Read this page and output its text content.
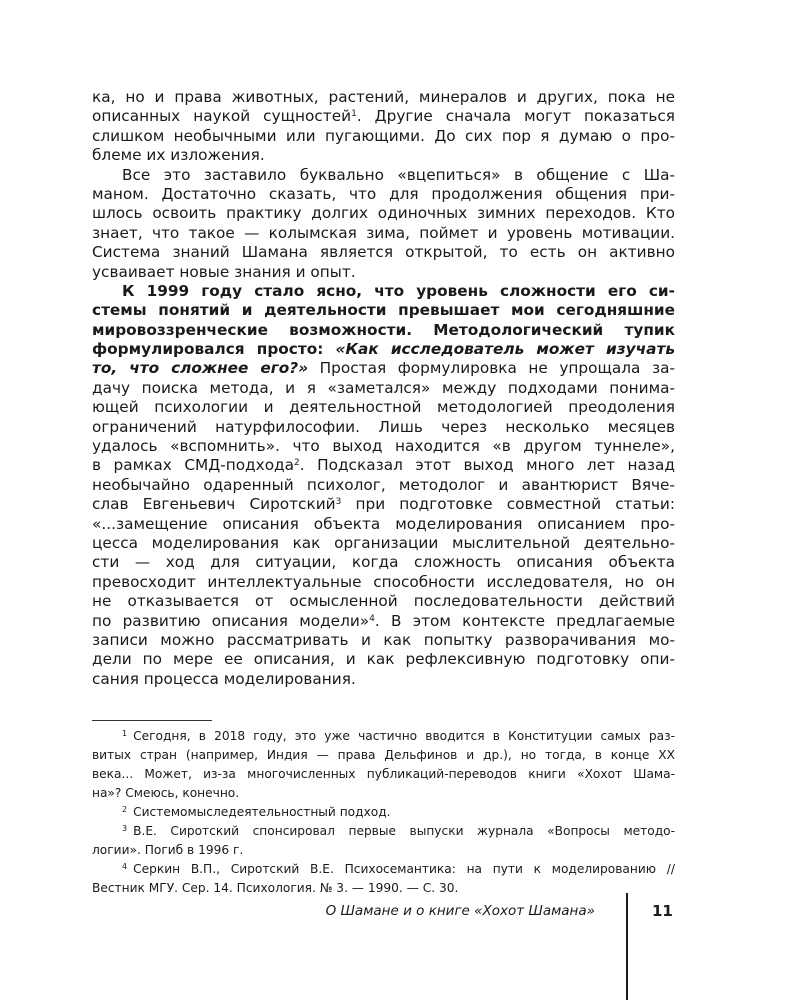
ка, но и права животных, растений, минералов и других, пока не
описанных наукой сущностей$^1$. Другие сначала могут показаться
слишком необычными или пугающими. До сих пор я думаю о про-
блеме их изложения.
Все это заставило буквально «вцепиться» в общение с Ша-
маном. Достаточно сказать, что для продолжения общения при-
шлось освоить практику долгих одиночных зимних переходов. Кто
знает, что такое — колымская зима, поймет и уровень мотивации.
Система знаний Шамана является открытой, то есть он активно
усваивает новые знания и опыт.
К 1999 году стало ясно, что уровень сложности его си-
стемы понятий и деятельности превышает мои сегодняшние
мировоззренческие возможности. Методологический тупик
формулировался просто: «Как исследователь может изучать
то, что сложнее его?» Простая формулировка не упрощала за-
дачу поиска метода, и я «заметался» между подходами понима-
ющей психологии и деятельностной методологией преодоления
ограничений натурфилософии. Лишь через несколько месяцев
удалось «вспомнить». что выход находится «в другом туннеле»,
в рамках СМД-подхода$^2$. Подсказал этот выход много лет назад
необычайно одаренный психолог, методолог и авантюрист Вяче-
слав Евгеньевич Сиротский$^3$ при подготовке совместной статьи:
«...замещение описания объекта моделирования описанием про-
цесса моделирования как организации мыслительной деятельно-
сти — ход для ситуации, когда сложность описания объекта
превосходит интеллектуальные способности исследователя, но он
не отказывается от осмысленной последовательности действий
по развитию описания модели»$^4$. В этом контексте предлагаемые
записи можно рассматривать и как попытку разворачивания мо-
дели по мере ее описания, и как рефлексивную подготовку опи-
сания процесса моделирования.
$^1$ Сегодня, в 2018 году, это уже частично вводится в Конституции самых раз-
витых стран (например, Индия — права Дельфинов и др.), но тогда, в конце XX
века... Может, из-за многочисленных публикаций-переводов книги «Хохот Шама-
на»? Смеюсь, конечно.
$^2$ Системомыследеятельностный подход.
$^3$ В.Е. Сиротский спонсировал первые выпуски журнала «Вопросы методо-
логии». Погиб в 1996 г.
$^4$ Серкин В.П., Сиротский В.Е. Психосемантика: на пути к моделированию //
Вестник МГУ. Сер. 14. Психология. № 3. — 1990. — С. 30.
О Шамане и о книге «Хохот Шамана»	11
